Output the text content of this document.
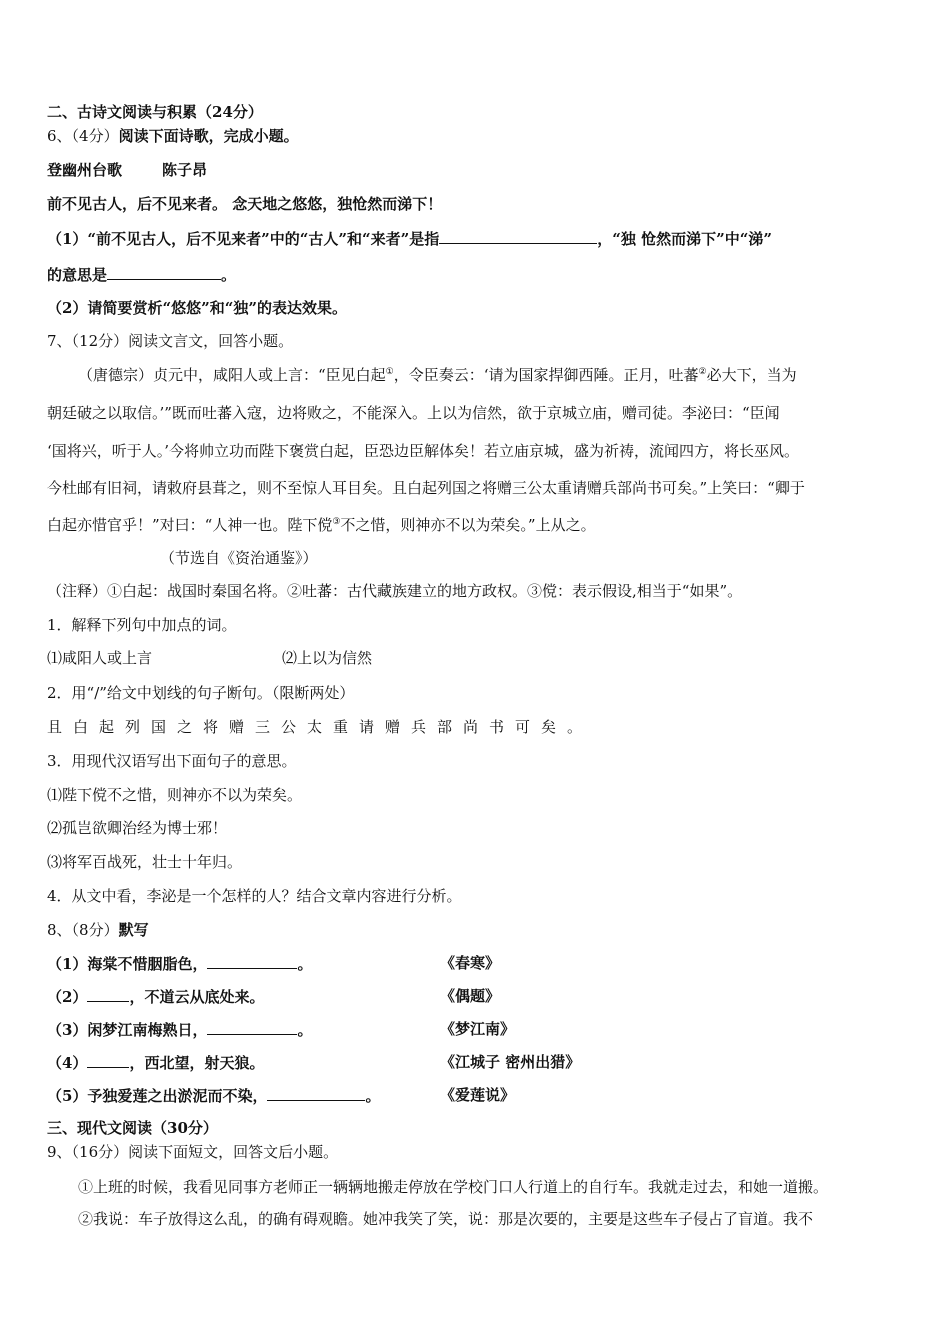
二、古诗文阅读与积累（24分）
6、（4分）阅读下面诗歌，完成小题。
登幽州台歌	陈子昂
前不见古人，后不见来者。 念天地之悠悠，独怆然而涕下！
（1）“前不见古人，后不见来者”中的“古人”和“来者”是指	，“独 怆然而涕下”中“涕”
的意思是	。
（2）请简要赏析“悠悠”和“独”的表达效果。
7、（12分）阅读文言文，回答小题。
（唐德宗）贞元中，咸阳人或上言：“臣见白起①，令臣奏云：‘请为国家捍御西陲。正月，吐蕃②必大下，当为
朝廷破之以取信。’”既而吐蕃入寇，边将败之，不能深入。上以为信然，欲于京城立庙，赠司徒。李泌曰：“臣闻
‘国将兴，听于人。’今将帅立功而陛下褒赏白起，臣恐边臣解体矣！若立庙京城，盛为祈祷，流闻四方，将长巫风。
今杜邮有旧祠，请敕府县葺之，则不至惊人耳目矣。且白起列国之将赠三公太重请赠兵部尚书可矣。”上笑曰：“卿于
白起亦惜官乎！”对曰：“人神一也。陛下傥③不之惜，则神亦不以为荣矣。”上从之。
（节选自《资治通鉴》）
（注释）①白起：战国时秦国名将。②吐蕃：古代藏族建立的地方政权。③傥：表示假设,相当于“如果”。
1．解释下列句中加点的词。
⑴咸阳人或上言	⑵上以为信然
2．用“/”给文中划线的句子断句。（限断两处）
且白起列国之将赠三公太重请赠兵部尚书可矣。
3．用现代汉语写出下面句子的意思。
⑴陛下傥不之惜，则神亦不以为荣矣。
⑵孤岂欲卿治经为博士邪！
⑶将军百战死，壮士十年归。
4．从文中看，李泌是一个怎样的人？结合文章内容进行分析。
8、（8分）默写
（1）海棠不惜胭脂色，	。	《春寒》
（2）	，不道云从底处来。	《偶题》
（3）闲梦江南梅熟日，	。	《梦江南》
（4）	，西北望，射天狼。	《江城子 密州出猎》
（5）予独爱莲之出淤泥而不染，	。	《爱莲说》
三、现代文阅读（30分）
9、（16分）阅读下面短文，回答文后小题。
①上班的时候，我看见同事方老师正一辆辆地搬走停放在学校门口人行道上的自行车。我就走过去，和她一道搬。
②我说：车子放得这么乱，的确有碍观瞻。她冲我笑了笑，说：那是次要的，主要是这些车子侵占了盲道。我不
